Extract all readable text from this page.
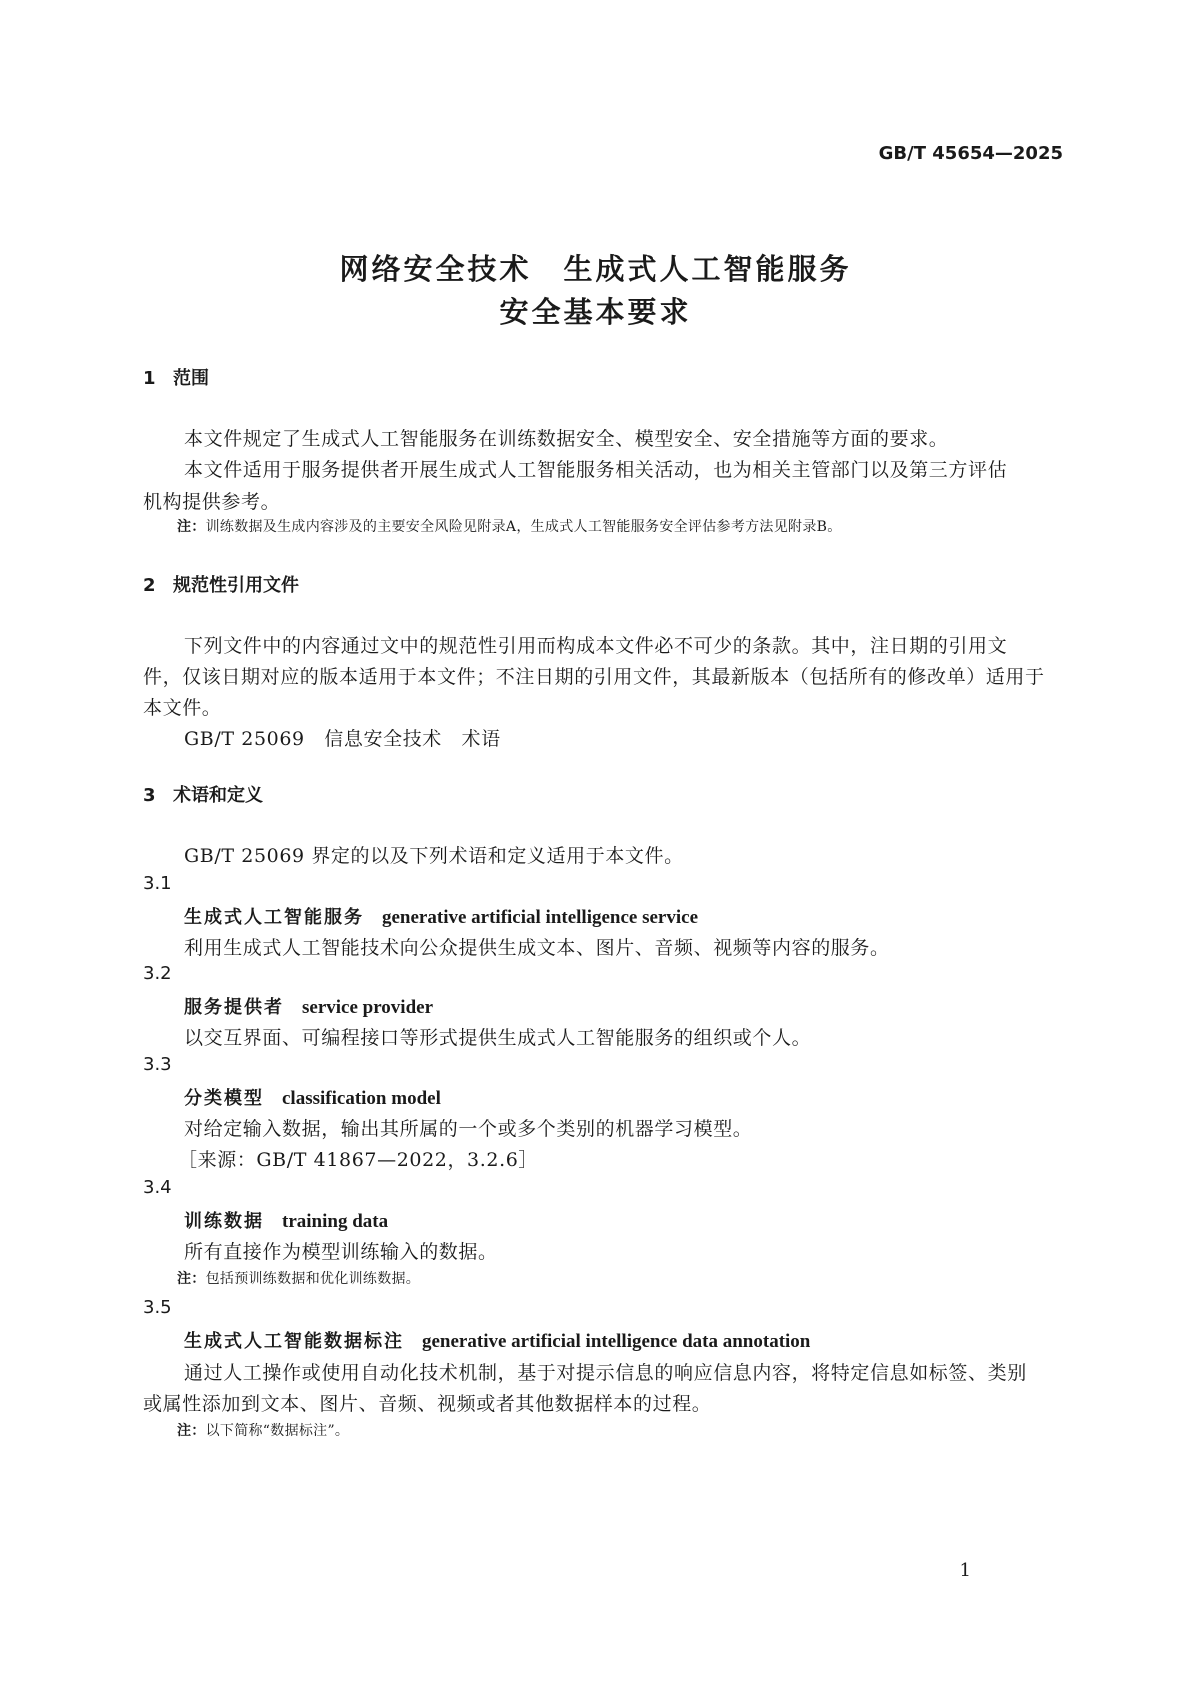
GB/T 45654—2025
网络安全技术　生成式人工智能服务
安全基本要求
1 范围
本文件规定了生成式人工智能服务在训练数据安全、模型安全、安全措施等方面的要求。
本文件适用于服务提供者开展生成式人工智能服务相关活动，也为相关主管部门以及第三方评估
机构提供参考。
注：训练数据及生成内容涉及的主要安全风险见附录A，生成式人工智能服务安全评估参考方法见附录B。
2 规范性引用文件
下列文件中的内容通过文中的规范性引用而构成本文件必不可少的条款。其中，注日期的引用文
件，仅该日期对应的版本适用于本文件；不注日期的引用文件，其最新版本（包括所有的修改单）适用于
本文件。
GB/T 25069　信息安全技术　术语
3 术语和定义
GB/T 25069 界定的以及下列术语和定义适用于本文件。
3.1
生成式人工智能服务 generative artificial intelligence service
利用生成式人工智能技术向公众提供生成文本、图片、音频、视频等内容的服务。
3.2
服务提供者 service provider
以交互界面、可编程接口等形式提供生成式人工智能服务的组织或个人。
3.3
分类模型 classification model
对给定输入数据，输出其所属的一个或多个类别的机器学习模型。
［来源：GB/T 41867—2022，3.2.6］
3.4
训练数据 training data
所有直接作为模型训练输入的数据。
注：包括预训练数据和优化训练数据。
3.5
生成式人工智能数据标注 generative artificial intelligence data annotation
通过人工操作或使用自动化技术机制，基于对提示信息的响应信息内容，将特定信息如标签、类别
或属性添加到文本、图片、音频、视频或者其他数据样本的过程。
注：以下简称“数据标注”。
1
